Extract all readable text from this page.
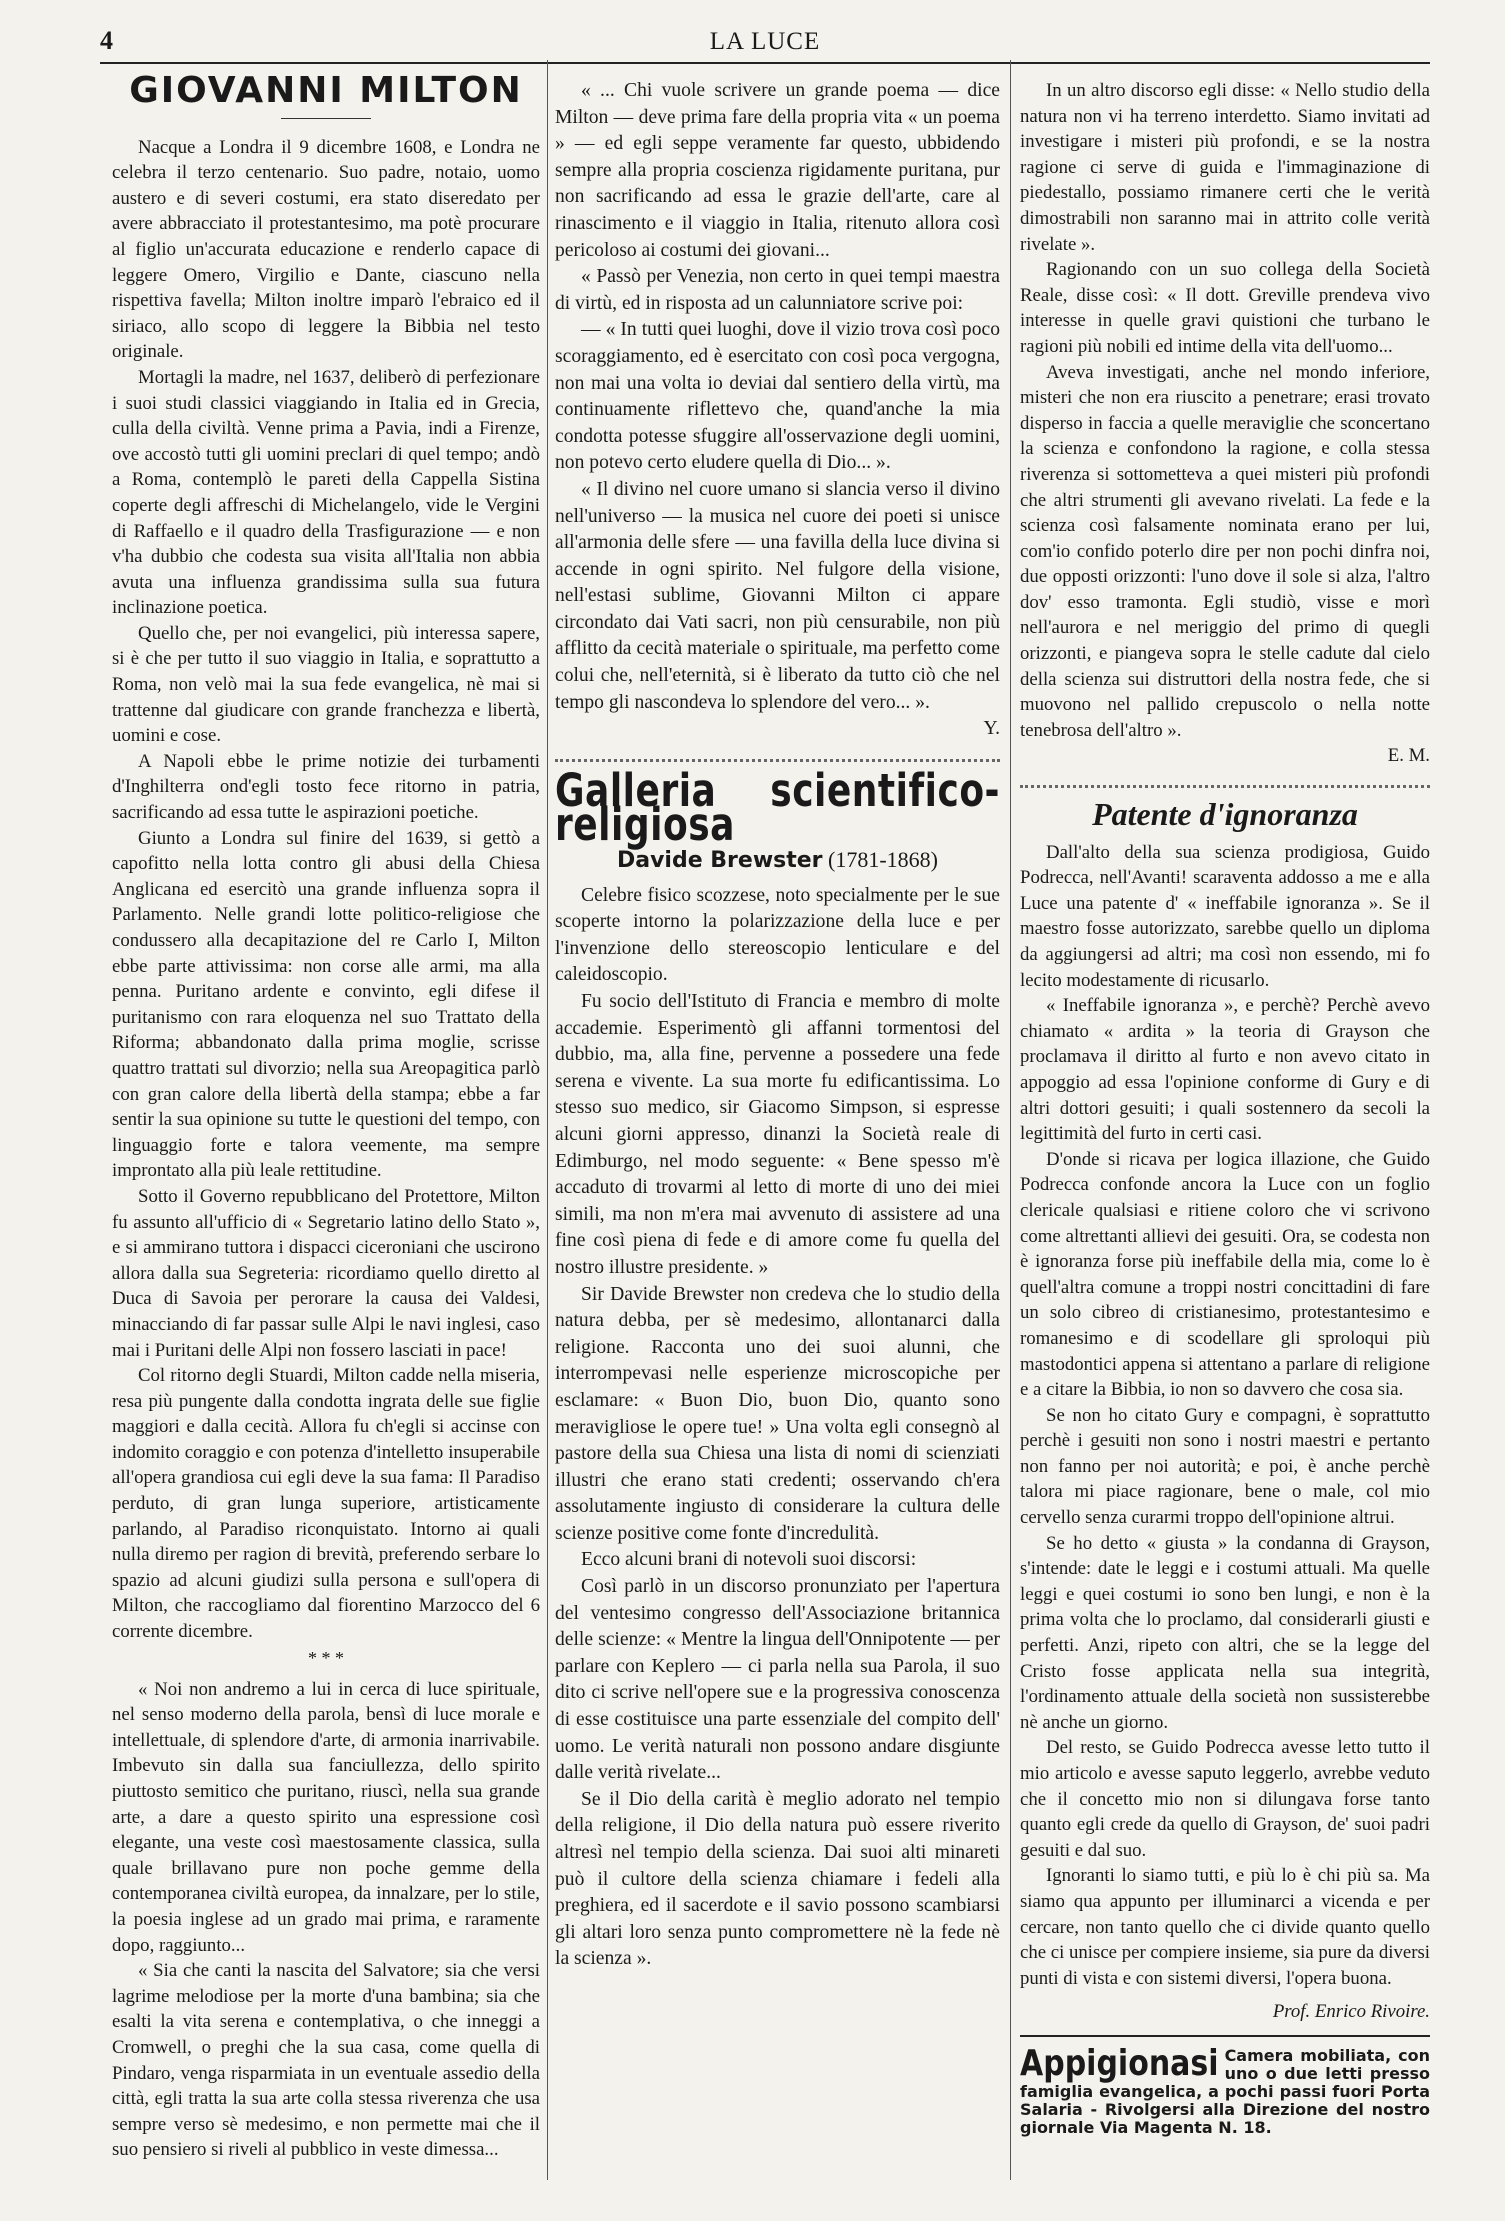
4	LA LUCE
GIOVANNI MILTON

Nacque a Londra il 9 dicembre 1608, e Londra ne celebra il terzo centenario. Suo padre, notaio, uomo austero e di severi costumi, era stato diseredato per avere abbracciato il protestantesimo, ma potè procurare al figlio un'accurata educazione e renderlo capace di leggere Omero, Virgilio e Dante, ciascuno nella rispettiva favella; Milton inoltre imparò l'ebraico ed il siriaco, allo scopo di leggere la Bibbia nel testo originale.

Mortagli la madre, nel 1637, deliberò di perfezionare i suoi studi classici viaggiando in Italia ed in Grecia, culla della civiltà. Venne prima a Pavia, indi a Firenze, ove accostò tutti gli uomini preclari di quel tempo; andò a Roma, contemplò le pareti della Cappella Sistina coperte degli affreschi di Michelangelo, vide le Vergini di Raffaello e il quadro della Trasfigurazione — e non v'ha dubbio che codesta sua visita all'Italia non abbia avuta una influenza grandissima sulla sua futura inclinazione poetica.

Quello che, per noi evangelici, più interessa sapere, si è che per tutto il suo viaggio in Italia, e soprattutto a Roma, non velò mai la sua fede evangelica, nè mai si trattenne dal giudicare con grande franchezza e libertà, uomini e cose.

A Napoli ebbe le prime notizie dei turbamenti d'Inghilterra ond'egli tosto fece ritorno in patria, sacrificando ad essa tutte le aspirazioni poetiche.

Giunto a Londra sul finire del 1639, si gettò a capofitto nella lotta contro gli abusi della Chiesa Anglicana ed esercitò una grande influenza sopra il Parlamento. Nelle grandi lotte politico-religiose che condussero alla decapitazione del re Carlo I, Milton ebbe parte attivissima: non corse alle armi, ma alla penna. Puritano ardente e convinto, egli difese il puritanismo con rara eloquenza nel suo Trattato della Riforma; abbandonato dalla prima moglie, scrisse quattro trattati sul divorzio; nella sua Areopagitica parlò con gran calore della libertà della stampa; ebbe a far sentir la sua opinione su tutte le questioni del tempo, con linguaggio forte e talora veemente, ma sempre improntato alla più leale rettitudine.

Sotto il Governo repubblicano del Protettore, Milton fu assunto all'ufficio di « Segretario latino dello Stato », e si ammirano tuttora i dispacci ciceroniani che uscirono allora dalla sua Segreteria: ricordiamo quello diretto al Duca di Savoia per perorare la causa dei Valdesi, minacciando di far passar sulle Alpi le navi inglesi, caso mai i Puritani delle Alpi non fossero lasciati in pace!

Col ritorno degli Stuardi, Milton cadde nella miseria, resa più pungente dalla condotta ingrata delle sue figlie maggiori e dalla cecità. Allora fu ch'egli si accinse con indomito coraggio e con potenza d'intelletto insuperabile all'opera grandiosa cui egli deve la sua fama: Il Paradiso perduto, di gran lunga superiore, artisticamente parlando, al Paradiso riconquistato. Intorno ai quali nulla diremo per ragion di brevità, preferendo serbare lo spazio ad alcuni giudizi sulla persona e sull'opera di Milton, che raccogliamo dal fiorentino Marzocco del 6 corrente dicembre.

* * *

« Noi non andremo a lui in cerca di luce spirituale, nel senso moderno della parola, bensì di luce morale e intellettuale, di splendore d'arte, di armonia inarrivabile. Imbevuto sin dalla sua fanciullezza, dello spirito piuttosto semitico che puritano, riuscì, nella sua grande arte, a dare a questo spirito una espressione così elegante, una veste così maestosamente classica, sulla quale brillavano pure non poche gemme della contemporanea civiltà europea, da innalzare, per lo stile, la poesia inglese ad un grado mai prima, e raramente dopo, raggiunto...

« Sia che canti la nascita del Salvatore; sia che versi lagrime melodiose per la morte d'una bambina; sia che esalti la vita serena e contemplativa, o che inneggi a Cromwell, o preghi che la sua casa, come quella di Pindaro, venga risparmiata in un eventuale assedio della città, egli tratta la sua arte colla stessa riverenza che usa sempre verso sè medesimo, e non permette mai che il suo pensiero si riveli al pubblico in veste dimessa...

« ... Chi vuole scrivere un grande poema — dice Milton — deve prima fare della propria vita « un poema » — ed egli seppe veramente far questo, ubbidendo sempre alla propria coscienza rigidamente puritana, pur non sacrificando ad essa le grazie dell'arte, care al rinascimento e il viaggio in Italia, ritenuto allora così pericoloso ai costumi dei giovani...

« Passò per Venezia, non certo in quei tempi maestra di virtù, ed in risposta ad un calunniatore scrive poi:

— « In tutti quei luoghi, dove il vizio trova così poco scoraggiamento, ed è esercitato con così poca vergogna, non mai una volta io deviai dal sentiero della virtù, ma continuamente riflettevo che, quand'anche la mia condotta potesse sfuggire all'osservazione degli uomini, non potevo certo eludere quella di Dio... ».

« Il divino nel cuore umano si slancia verso il divino nell'universo — la musica nel cuore dei poeti si unisce all'armonia delle sfere — una favilla della luce divina si accende in ogni spirito. Nel fulgore della visione, nell'estasi sublime, Giovanni Milton ci appare circondato dai Vati sacri, non più censurabile, non più afflitto da cecità materiale o spirituale, ma perfetto come colui che, nell'eternità, si è liberato da tutto ciò che nel tempo gli nascondeva lo splendore del vero... ».

Y.
Galleria scientifico-religiosa
Davide Brewster (1781-1868)

Celebre fisico scozzese, noto specialmente per le sue scoperte intorno la polarizzazione della luce e per l'invenzione dello stereoscopio lenticulare e del caleidoscopio.

Fu socio dell'Istituto di Francia e membro di molte accademie. Esperimentò gli affanni tormentosi del dubbio, ma, alla fine, pervenne a possedere una fede serena e vivente. La sua morte fu edificantissima. Lo stesso suo medico, sir Giacomo Simpson, si espresse alcuni giorni appresso, dinanzi la Società reale di Edimburgo, nel modo seguente: « Bene spesso m'è accaduto di trovarmi al letto di morte di uno dei miei simili, ma non m'era mai avvenuto di assistere ad una fine così piena di fede e di amore come fu quella del nostro illustre presidente. »

Sir Davide Brewster non credeva che lo studio della natura debba, per sè medesimo, allontanarci dalla religione. Racconta uno dei suoi alunni, che interrompevasi nelle esperienze microscopiche per esclamare: « Buon Dio, buon Dio, quanto sono meravigliose le opere tue! » Una volta egli consegnò al pastore della sua Chiesa una lista di nomi di scienziati illustri che erano stati credenti; osservando ch'era assolutamente ingiusto di considerare la cultura delle scienze positive come fonte d'incredulità.

Ecco alcuni brani di notevoli suoi discorsi:

Così parlò in un discorso pronunziato per l'apertura del ventesimo congresso dell'Associazione britannica delle scienze: « Mentre la lingua dell'Onnipotente — per parlare con Keplero — ci parla nella sua Parola, il suo dito ci scrive nell'opere sue e la progressiva conoscenza di esse costituisce una parte essenziale del compito dell' uomo. Le verità naturali non possono andare disgiunte dalle verità rivelate...

Se il Dio della carità è meglio adorato nel tempio della religione, il Dio della natura può essere riverito altresì nel tempio della scienza. Dai suoi alti minareti può il cultore della scienza chiamare i fedeli alla preghiera, ed il sacerdote e il savio possono scambiarsi gli altari loro senza punto compromettere nè la fede nè la scienza ».

In un altro discorso egli disse: « Nello studio della natura non vi ha terreno interdetto. Siamo invitati ad investigare i misteri più profondi, e se la nostra ragione ci serve di guida e l'immaginazione di piedestallo, possiamo rimanere certi che le verità dimostrabili non saranno mai in attrito colle verità rivelate ».

Ragionando con un suo collega della Società Reale, disse così: « Il dott. Greville prendeva vivo interesse in quelle gravi quistioni che turbano le ragioni più nobili ed intime della vita dell'uomo...

Aveva investigati, anche nel mondo inferiore, misteri che non era riuscito a penetrare; erasi trovato disperso in faccia a quelle meraviglie che sconcertano la scienza e confondono la ragione, e colla stessa riverenza si sottometteva a quei misteri più profondi che altri strumenti gli avevano rivelati. La fede e la scienza così falsamente nominata erano per lui, com'io confido poterlo dire per non pochi dinfra noi, due opposti orizzonti: l'uno dove il sole si alza, l'altro dov' esso tramonta. Egli studiò, visse e morì nell'aurora e nel meriggio del primo di quegli orizzonti, e piangeva sopra le stelle cadute dal cielo della scienza sui distruttori della nostra fede, che si muovono nel pallido crepuscolo o nella notte tenebrosa dell'altro ».

E. M.
Patente d'ignoranza

Dall'alto della sua scienza prodigiosa, Guido Podrecca, nell'Avanti! scaraventa addosso a me e alla Luce una patente d' « ineffabile ignoranza ». Se il maestro fosse autorizzato, sarebbe quello un diploma da aggiungersi ad altri; ma così non essendo, mi fo lecito modestamente di ricusarlo.

« Ineffabile ignoranza », e perchè? Perchè avevo chiamato « ardita » la teoria di Grayson che proclamava il diritto al furto e non avevo citato in appoggio ad essa l'opinione conforme di Gury e di altri dottori gesuiti; i quali sostennero da secoli la legittimità del furto in certi casi.

D'onde si ricava per logica illazione, che Guido Podrecca confonde ancora la Luce con un foglio clericale qualsiasi e ritiene coloro che vi scrivono come altrettanti allievi dei gesuiti. Ora, se codesta non è ignoranza forse più ineffabile della mia, come lo è quell'altra comune a troppi nostri concittadini di fare un solo cibreo di cristianesimo, protestantesimo e romanesimo e di scodellare gli sproloqui più mastodontici appena si attentano a parlare di religione e a citare la Bibbia, io non so davvero che cosa sia.

Se non ho citato Gury e compagni, è soprattutto perchè i gesuiti non sono i nostri maestri e pertanto non fanno per noi autorità; e poi, è anche perchè talora mi piace ragionare, bene o male, col mio cervello senza curarmi troppo dell'opinione altrui.

Se ho detto « giusta » la condanna di Grayson, s'intende: date le leggi e i costumi attuali. Ma quelle leggi e quei costumi io sono ben lungi, e non è la prima volta che lo proclamo, dal considerarli giusti e perfetti. Anzi, ripeto con altri, che se la legge del Cristo fosse applicata nella sua integrità, l'ordinamento attuale della società non sussisterebbe nè anche un giorno.

Del resto, se Guido Podrecca avesse letto tutto il mio articolo e avesse saputo leggerlo, avrebbe veduto che il concetto mio non si dilungava forse tanto quanto egli crede da quello di Grayson, de' suoi padri gesuiti e dal suo.

Ignoranti lo siamo tutti, e più lo è chi più sa. Ma siamo qua appunto per illuminarci a vicenda e per cercare, non tanto quello che ci divide quanto quello che ci unisce per compiere insieme, sia pure da diversi punti di vista e con sistemi diversi, l'opera buona.

Prof. Enrico Rivoire.
Appigionasi Camera mobiliata, con uno o due letti presso famiglia evangelica, a pochi passi fuori Porta Salaria - Rivolgersi alla Direzione del nostro giornale Via Magenta N. 18.
